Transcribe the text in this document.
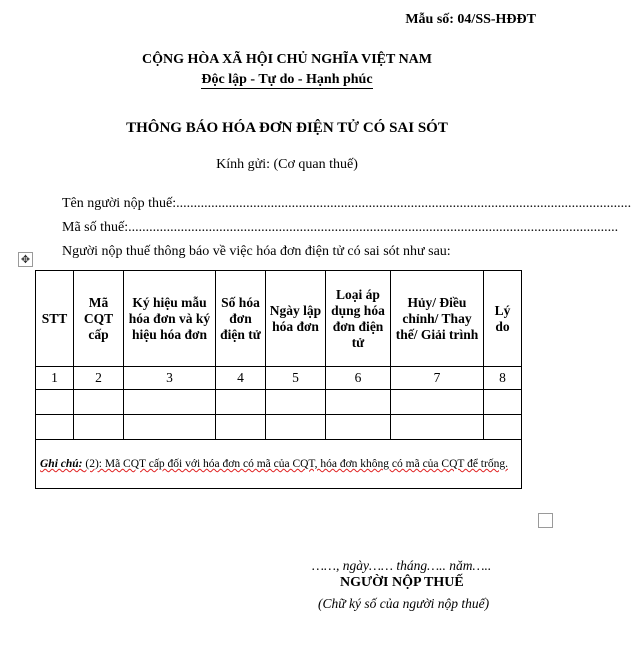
Mẫu số: 04/SS-HĐĐT
CỘNG HÒA XÃ HỘI CHỦ NGHĨA VIỆT NAM
Độc lập - Tự do - Hạnh phúc
THÔNG BÁO HÓA ĐƠN ĐIỆN TỬ CÓ SAI SÓT
Kính gửi: (Cơ quan thuế)
Tên người nộp thuế:..................................................................................................................................
Mã số thuế:............................................................................................................................................
✥
Người nộp thuế thông báo về việc hóa đơn điện tử có sai sót như sau:
STT	Mã CQT cấp	Ký hiệu mẫu hóa đơn và ký hiệu hóa đơn	Số hóa đơn điện tử	Ngày lập hóa đơn	Loại áp dụng hóa đơn điện tử	Hủy/ Điều chỉnh/ Thay thế/ Giải trình	Lý do
1	2	3	4	5	6	7	8

Ghi chú: (2): Mã CQT cấp đối với hóa đơn có mã của CQT, hóa đơn không có mã của CQT để trống.							
……, ngày…… tháng….. năm…..
NGƯỜI NỘP THUẾ
(Chữ ký số của người nộp thuế)
